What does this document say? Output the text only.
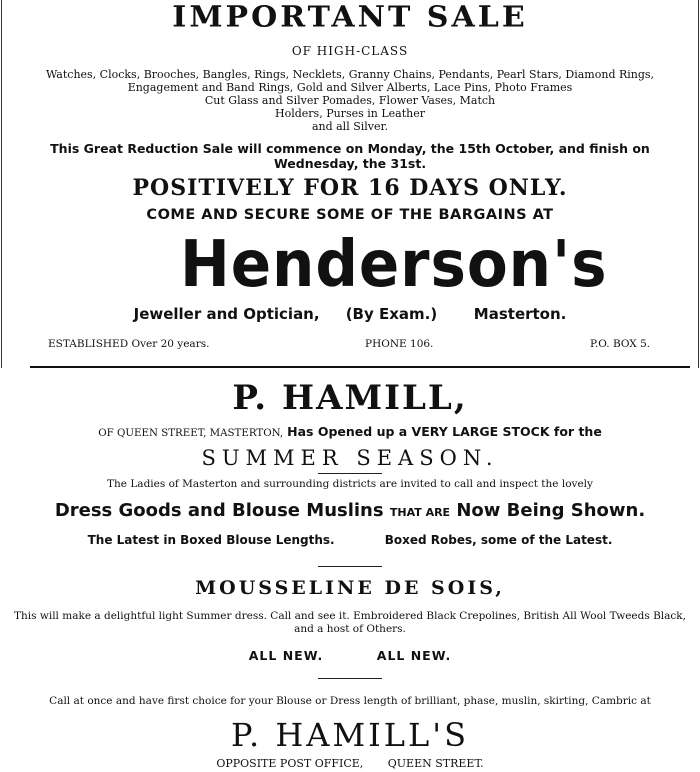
IMPORTANT SALE
OF HIGH-CLASS
Watches, Clocks, Brooches, Bangles, Rings, Necklets, Granny Chains, Pendants, Pearl Stars, Diamond Rings,
Engagement and Band Rings, Gold and Silver Alberts, Lace Pins, Photo Frames
Cut Glass and Silver Pomades, Flower Vases, Match
Holders, Purses in Leather
and all Silver.
This Great Reduction Sale will commence on Monday, the 15th October, and finish on
Wednesday, the 31st.
POSITIVELY FOR 16 DAYS ONLY.
COME AND SECURE SOME OF THE BARGAINS AT
Henderson's
Jeweller and Optician, (By Exam.) Masterton.
ESTABLISHED Over 20 years.	PHONE 106.	P.O. BOX 5.
P. HAMILL,
OF QUEEN STREET, MASTERTON, Has Opened up a VERY LARGE STOCK for the
SUMMER SEASON.
The Ladies of Masterton and surrounding districts are invited to call and inspect the lovely
Dress Goods and Blouse Muslins THAT ARE Now Being Shown.
The Latest in Boxed Blouse Lengths.	Boxed Robes, some of the Latest.
MOUSSELINE DE SOIS,
This will make a delightful light Summer dress. Call and see it. Embroidered Black Crepolines, British All Wool Tweeds Black,
and a host of Others.
ALL NEW.	ALL NEW.
Call at once and have first choice for your Blouse or Dress length of brilliant, phase, muslin, skirting, Cambric at
P. HAMILL'S
OPPOSITE POST OFFICE, QUEEN STREET.
